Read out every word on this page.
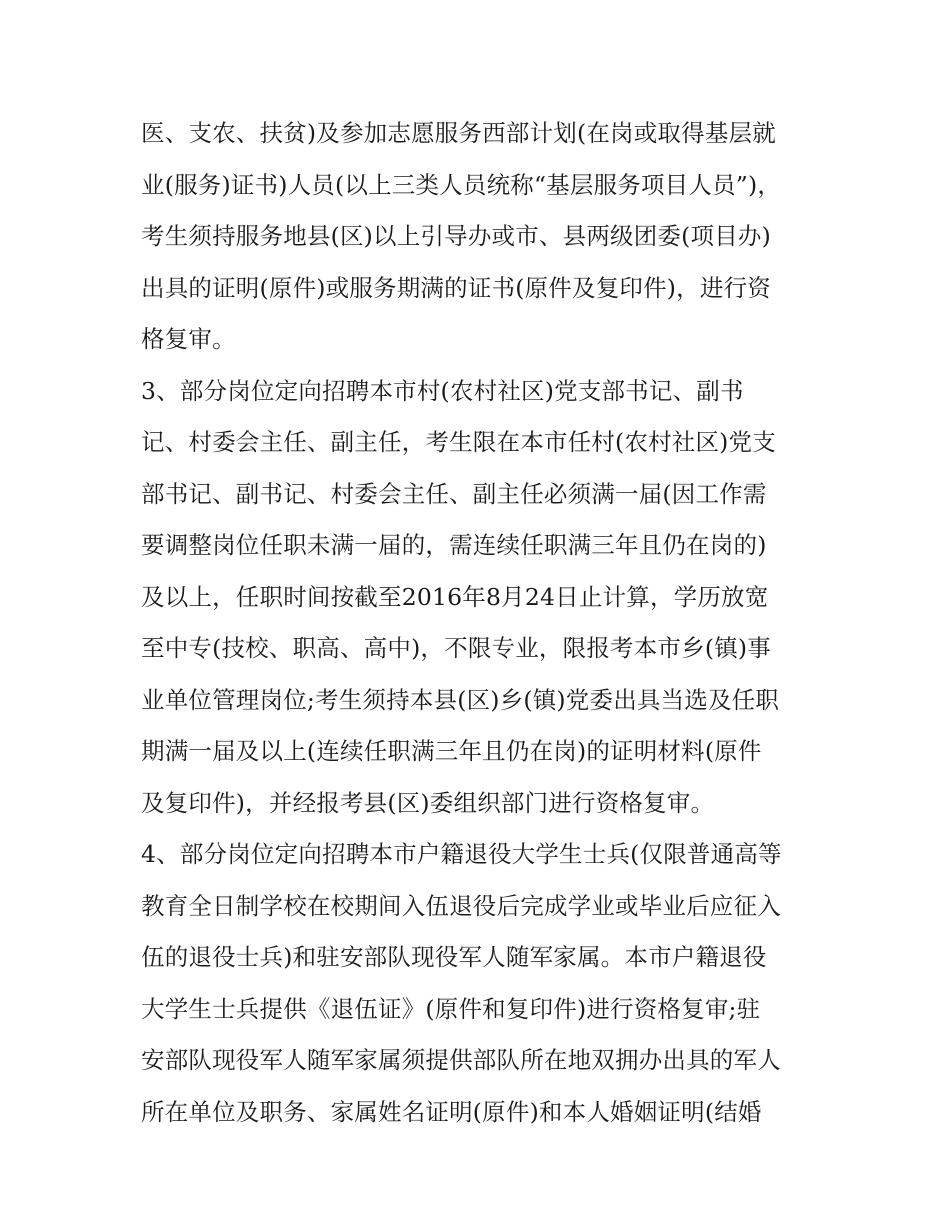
医、支农、扶贫)及参加志愿服务西部计划(在岗或取得基层就
业(服务)证书)人员(以上三类人员统称“基层服务项目人员”)，
考生须持服务地县(区)以上引导办或市、县两级团委(项目办)
出具的证明(原件)或服务期满的证书(原件及复印件)，进行资
格复审。
3、部分岗位定向招聘本市村(农村社区)党支部书记、副书
记、村委会主任、副主任，考生限在本市任村(农村社区)党支
部书记、副书记、村委会主任、副主任必须满一届(因工作需
要调整岗位任职未满一届的，需连续任职满三年且仍在岗的)
及以上，任职时间按截至2016年8月24日止计算，学历放宽
至中专(技校、职高、高中)，不限专业，限报考本市乡(镇)事
业单位管理岗位;考生须持本县(区)乡(镇)党委出具当选及任职
期满一届及以上(连续任职满三年且仍在岗)的证明材料(原件
及复印件)，并经报考县(区)委组织部门进行资格复审。
4、部分岗位定向招聘本市户籍退役大学生士兵(仅限普通高等
教育全日制学校在校期间入伍退役后完成学业或毕业后应征入
伍的退役士兵)和驻安部队现役军人随军家属。本市户籍退役
大学生士兵提供《退伍证》(原件和复印件)进行资格复审;驻
安部队现役军人随军家属须提供部队所在地双拥办出具的军人
所在单位及职务、家属姓名证明(原件)和本人婚姻证明(结婚
